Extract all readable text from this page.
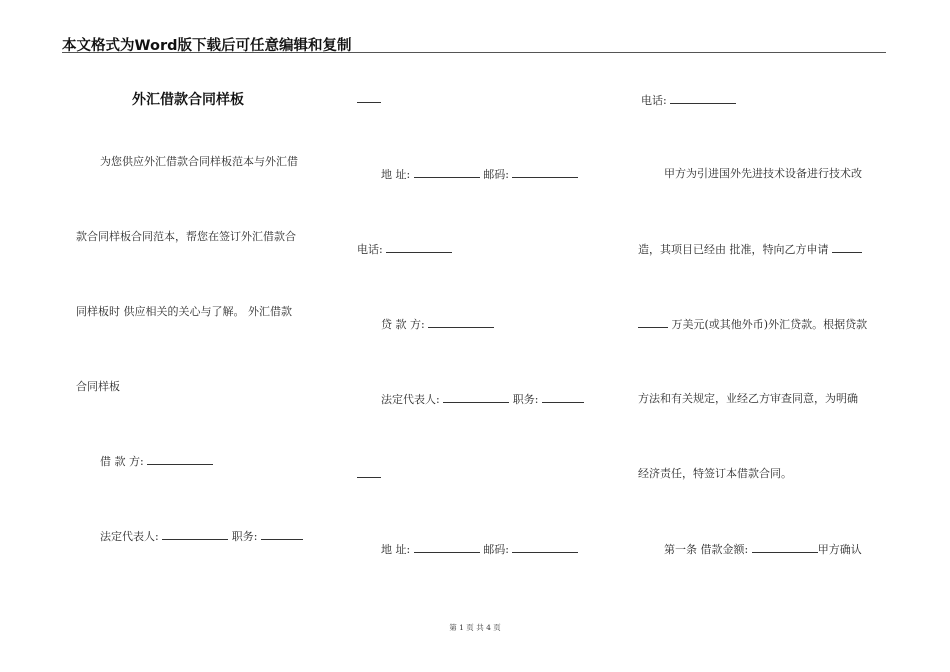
本文格式为Word版下载后可任意编辑和复制
外汇借款合同样板
为您供应外汇借款合同样板范本与外汇借
款合同样板合同范本，帮您在签订外汇借款合
同样板时 供应相关的关心与了解。 外汇借款
合同样板
借 款 方:
法定代表人:	职务:
地 址:	邮码:
电话:
贷 款 方:
法定代表人:	职务:
地 址:	邮码:
电话:
甲方为引进国外先进技术设备进行技术改
造，其项目已经由 批准，特向乙方申请
万美元(或其他外币)外汇贷款。根据贷款
方法和有关规定，业经乙方审查同意，为明确
经济责任，特签订本借款合同。
第一条 借款金额:	甲方确认
第 1 页 共 4 页
